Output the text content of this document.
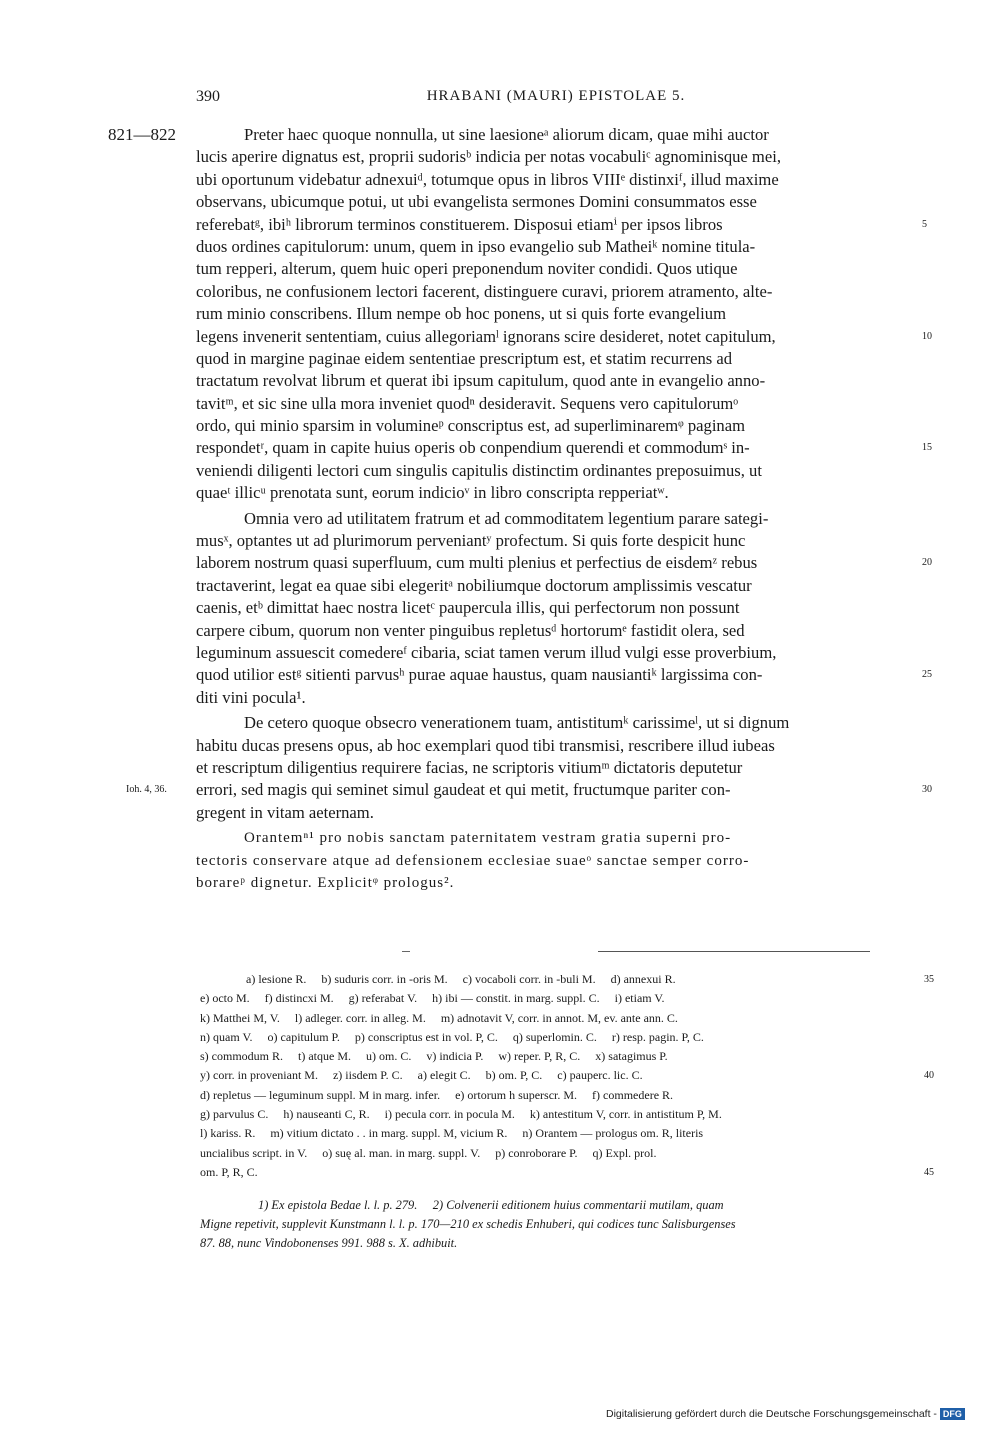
390	HRABANI (MAURI) EPISTOLAE 5.
821—822	Preter haec quoque nonnulla, ut sine laesioneᵃ aliorum dicam, quae mihi auctor
lucis aperire dignatus est, proprii sudorisᵇ indicia per notas vocabuliᶜ agnominisque mei,
ubi oportunum videbatur adnexuiᵈ, totumque opus in libros VIIIᵉ distinxiᶠ, illud maxime
observans, ubicumque potui, ut ubi evangelista sermones Domini consummatos esse
referebatᵍ, ibiʰ librorum terminos constituerem. Disposui etiamⁱ per ipsos libros	5
duos ordines capitulorum: unum, quem in ipso evangelio sub Matheiᵏ nomine titula-
tum repperi, alterum, quem huic operi preponendum noviter condidi. Quos utique
coloribus, ne confusionem lectori facerent, distinguere curavi, priorem atramento, alte-
rum minio conscribens. Illum nempe ob hoc ponens, ut si quis forte evangelium
legens invenerit sententiam, cuius allegoriamˡ ignorans scire desideret, notet capitulum,	10
quod in margine paginae eidem sententiae prescriptum est, et statim recurrens ad
tractatum revolvat librum et querat ibi ipsum capitulum, quod ante in evangelio anno-
tavitᵐ, et sic sine ulla mora inveniet quodⁿ desideravit. Sequens vero capitulorumᵒ
ordo, qui minio sparsim in volumineᵖ conscriptus est, ad superliminaremᵠ paginam
respondetʳ, quam in capite huius operis ob conpendium querendi et commodumˢ in-	15
veniendi diligenti lectori cum singulis capitulis distinctim ordinantes preposuimus, ut
quaeᵗ illicᵘ prenotata sunt, eorum indicioᵛ in libro conscripta repperiatʷ.
Omnia vero ad utilitatem fratrum et ad commoditatem legentium parare sategi-
musˣ, optantes ut ad plurimorum perveniantʸ profectum. Si quis forte despicit hunc
laborem nostrum quasi superfluum, cum multi plenius et perfectius de eisdemᶻ rebus	20
tractaverint, legat ea quae sibi elegeritᵃ nobiliumque doctorum amplissimis vescatur
caenis, etᵇ dimittat haec nostra licetᶜ paupercula illis, qui perfectorum non possunt
carpere cibum, quorum non venter pinguibus repletusᵈ hortorumᵉ fastidit olera, sed
leguminum assuescit comedereᶠ cibaria, sciat tamen verum illud vulgi esse proverbium,
quod utilior estᵍ sitienti parvusʰ purae aquae haustus, quam nausiantiᵏ largissima con-	25
diti vini pocula¹.
De cetero quoque obsecro venerationem tuam, antistitumᵏ carissimeˡ, ut si dignum
habitu ducas presens opus, ab hoc exemplari quod tibi transmisi, rescribere illud iubeas
et rescriptum diligentius requirere facias, ne scriptoris vitiumᵐ dictatoris deputetur
errori, sed magis qui seminet simul gaudeat et qui metit, fructumque pariter con-	30
Ioh. 4, 36.
gregent in vitam aeternam.
Orantemⁿ¹ pro nobis sanctam paternitatem vestram gratia superni pro-
tectoris conservare atque ad defensionem ecclesiae suaeᵒ sanctae semper corro-
borareᵖ dignetur. Explicitᵠ prologus².
a) lesione R.     b) suduris corr. in -oris M.     c) vocaboli corr. in -buli M.     d) annexui R.	35
e) octo M.     f) distincxi M.     g) referabat V.     h) ibi — constit. in marg. suppl. C.     i) etiam V.
k) Matthei M, V.     l) adleger. corr. in alleg. M.     m) adnotavit V, corr. in annot. M, ev. ante ann. C.
n) quam V.     o) capitulum P.     p) conscriptus est in vol. P, C.     q) superlomin. C.     r) resp. pagin. P, C.
s) commodum R.     t) atque M.     u) om. C.     v) indicia P.     w) reper. P, R, C.     x) satagimus P.
y) corr. in proveniant M.     z) iisdem P. C.     a) elegit C.     b) om. P, C.     c) pauperc. lic. C.	40
d) repletus — leguminum suppl. M in marg. infer.     e) ortorum h superscr. M.     f) commedere R.
g) parvulus C.     h) nauseanti C, R.     i) pecula corr. in pocula M.     k) antestitum V, corr. in antistitum P, M.
l) kariss. R.     m) vitium dictato . . in marg. suppl. M, vicium R.     n) Orantem — prologus om. R, literis
uncialibus script. in V.     o) suę al. man. in marg. suppl. V.     p) conroborare P.     q) Expl. prol.
om. P, R, C.	45
1) Ex epistola Bedae l. l. p. 279.     2) Colvenerii editionem huius commentarii mutilam, quam
Migne repetivit, supplevit Kunstmann l. l. p. 170—210 ex schedis Enhuberi, qui codices tunc Salisburgenses
87. 88, nunc Vindobonenses 991. 988 s. X. adhibuit.
Digitalisierung gefördert durch die Deutsche Forschungsgemeinschaft - DFG
